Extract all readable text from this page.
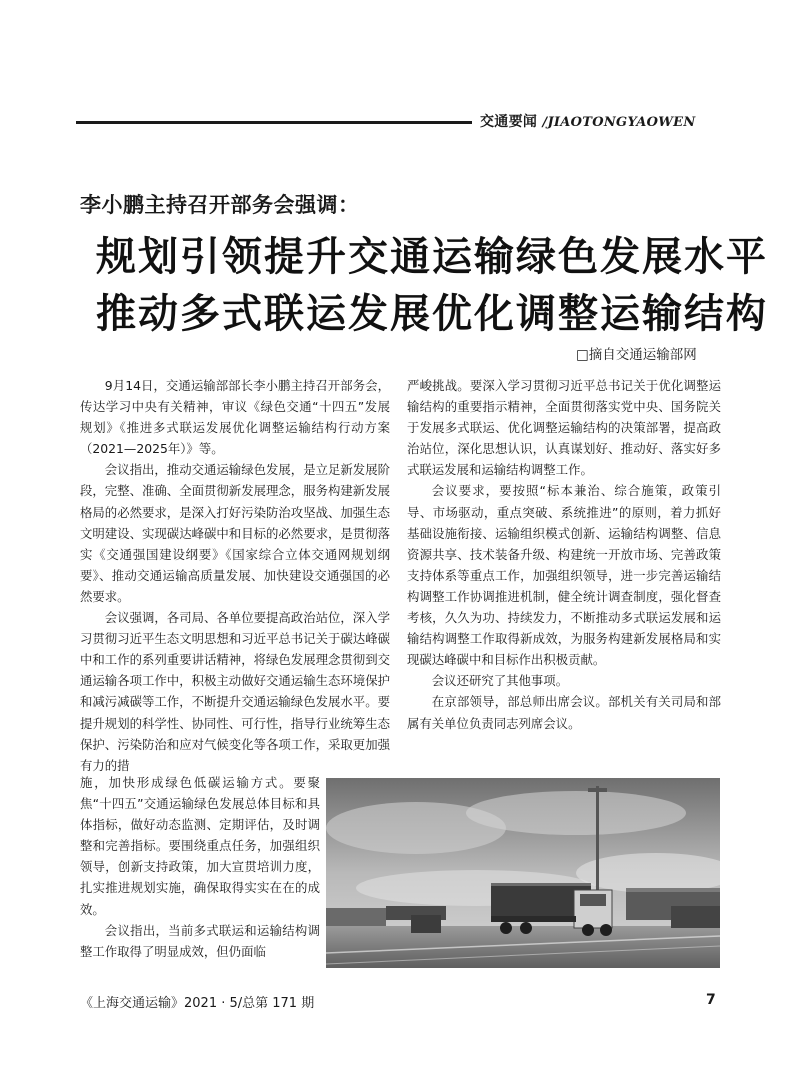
交通要闻 /JIAOTONGYAOWEN
李小鹏主持召开部务会强调：
规划引领提升交通运输绿色发展水平
推动多式联运发展优化调整运输结构
□摘自交通运输部网

9月14日，交通运输部部长李小鹏主持召开部务会，传达学习中央有关精神，审议《绿色交通“十四五”发展规划》《推进多式联运发展优化调整运输结构行动方案（2021—2025年）》等。

会议指出，推动交通运输绿色发展，是立足新发展阶段，完整、准确、全面贯彻新发展理念，服务构建新发展格局的必然要求，是深入打好污染防治攻坚战、加强生态文明建设、实现碳达峰碳中和目标的必然要求，是贯彻落实《交通强国建设纲要》《国家综合立体交通网规划纲要》、推动交通运输高质量发展、加快建设交通强国的必然要求。

会议强调，各司局、各单位要提高政治站位，深入学习贯彻习近平生态文明思想和习近平总书记关于碳达峰碳中和工作的系列重要讲话精神，将绿色发展理念贯彻到交通运输各项工作中，积极主动做好交通运输生态环境保护和减污减碳等工作，不断提升交通运输绿色发展水平。要提升规划的科学性、协同性、可行性，指导行业统筹生态保护、污染防治和应对气候变化等各项工作，采取更加强有力的措

施，加快形成绿色低碳运输方式。要聚焦“十四五”交通运输绿色发展总体目标和具体指标，做好动态监测、定期评估，及时调整和完善指标。要围绕重点任务，加强组织领导，创新支持政策，加大宣贯培训力度，扎实推进规划实施，确保取得实实在在的成效。

会议指出，当前多式联运和运输结构调整工作取得了明显成效，但仍面临

严峻挑战。要深入学习贯彻习近平总书记关于优化调整运输结构的重要指示精神，全面贯彻落实党中央、国务院关于发展多式联运、优化调整运输结构的决策部署，提高政治站位，深化思想认识，认真谋划好、推动好、落实好多式联运发展和运输结构调整工作。

会议要求，要按照“标本兼治、综合施策，政策引导、市场驱动，重点突破、系统推进”的原则，着力抓好基础设施衔接、运输组织模式创新、运输结构调整、信息资源共享、技术装备升级、构建统一开放市场、完善政策支持体系等重点工作，加强组织领导，进一步完善运输结构调整工作协调推进机制，健全统计调查制度，强化督查考核，久久为功、持续发力，不断推动多式联运发展和运输结构调整工作取得新成效，为服务构建新发展格局和实现碳达峰碳中和目标作出积极贡献。

会议还研究了其他事项。

在京部领导，部总师出席会议。部机关有关司局和部属有关单位负责同志列席会议。

《上海交通运输》2021 · 5/总第 171 期	7
